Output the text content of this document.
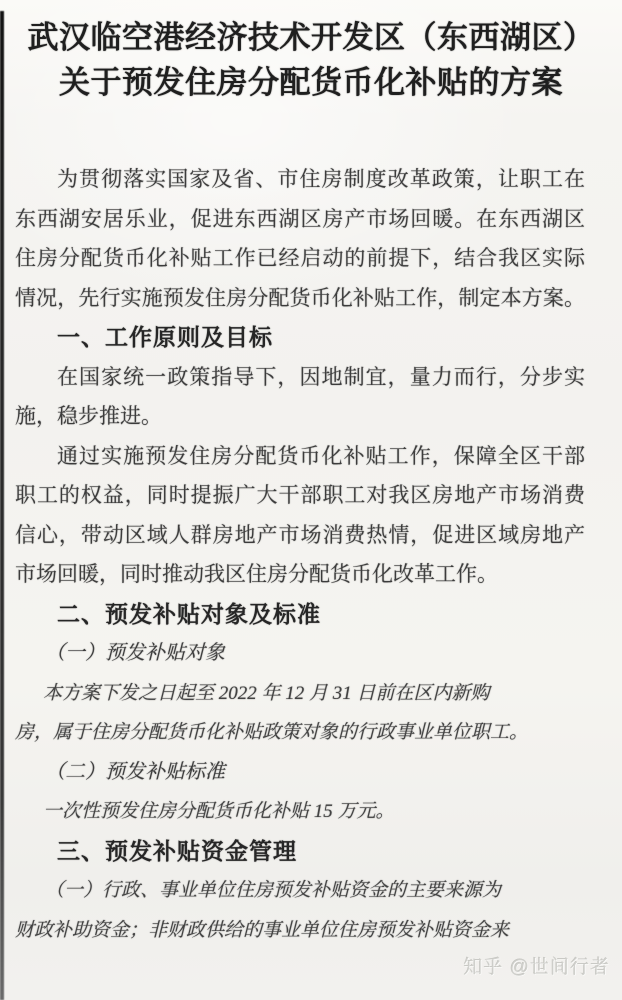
武汉临空港经济技术开发区（东西湖区）
关于预发住房分配货币化补贴的方案
为贯彻落实国家及省、市住房制度改革政策，让职工在
东西湖安居乐业，促进东西湖区房产市场回暖。在东西湖区
住房分配货币化补贴工作已经启动的前提下，结合我区实际
情况，先行实施预发住房分配货币化补贴工作，制定本方案。
一、工作原则及目标
在国家统一政策指导下，因地制宜，量力而行，分步实
施，稳步推进。
通过实施预发住房分配货币化补贴工作，保障全区干部
职工的权益，同时提振广大干部职工对我区房地产市场消费
信心，带动区域人群房地产市场消费热情，促进区域房地产
市场回暖，同时推动我区住房分配货币化改革工作。
二、预发补贴对象及标准
（一）预发补贴对象
本方案下发之日起至 2022 年 12 月 31 日前在区内新购
房，属于住房分配货币化补贴政策对象的行政事业单位职工。
（二）预发补贴标准
一次性预发住房分配货币化补贴 15 万元。
三、预发补贴资金管理
（一）行政、事业单位住房预发补贴资金的主要来源为
财政补助资金；非财政供给的事业单位住房预发补贴资金来
知乎 @世间行者
